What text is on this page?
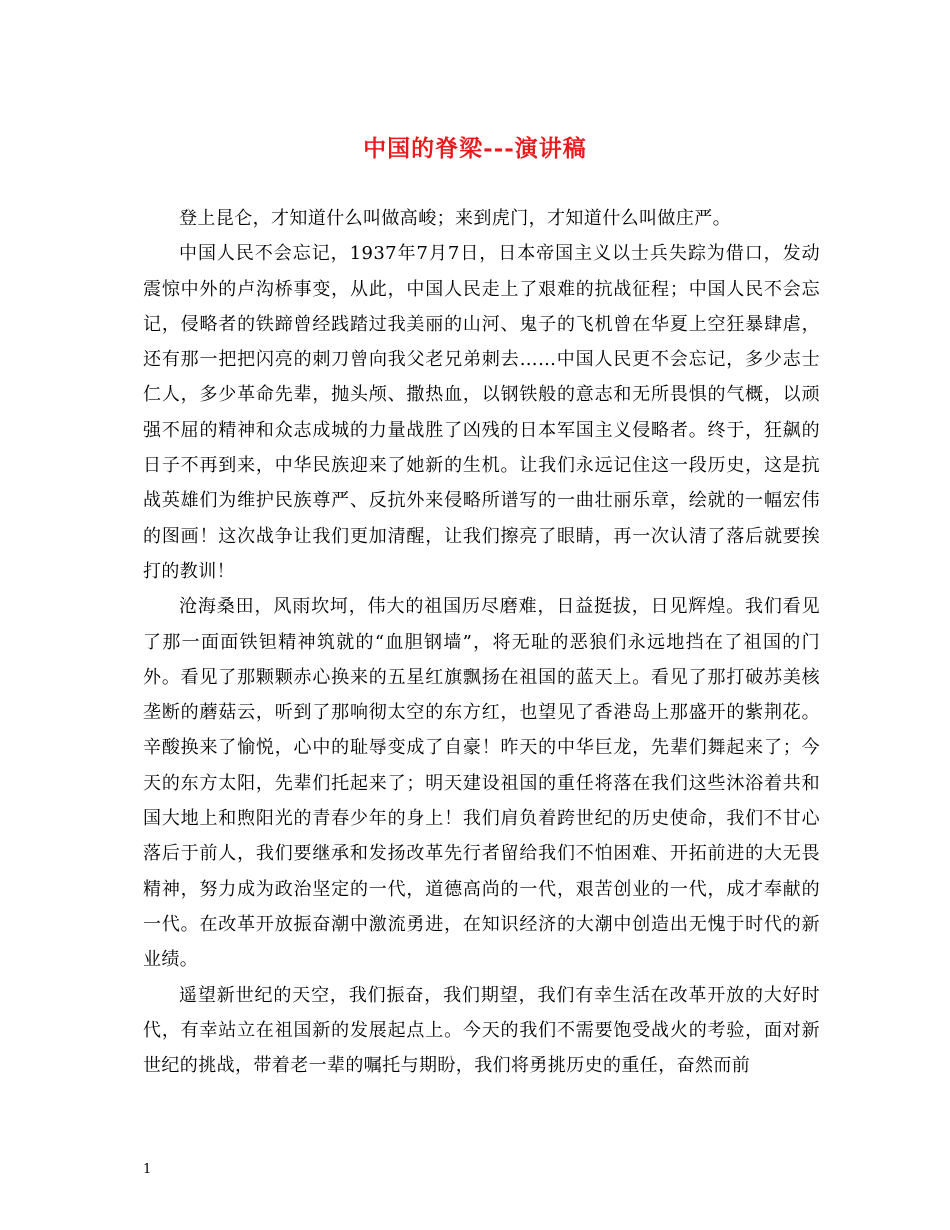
中国的脊梁---演讲稿

登上昆仑，才知道什么叫做高峻；来到虎门，才知道什么叫做庄严。

中国人民不会忘记，1937年7月7日，日本帝国主义以士兵失踪为借口，发动震惊中外的卢沟桥事变，从此，中国人民走上了艰难的抗战征程；中国人民不会忘记，侵略者的铁蹄曾经践踏过我美丽的山河、鬼子的飞机曾在华夏上空狂暴肆虐，还有那一把把闪亮的刺刀曾向我父老兄弟刺去……中国人民更不会忘记，多少志士仁人，多少革命先辈，抛头颅、撒热血，以钢铁般的意志和无所畏惧的气概，以顽强不屈的精神和众志成城的力量战胜了凶残的日本军国主义侵略者。终于，狂飙的日子不再到来，中华民族迎来了她新的生机。让我们永远记住这一段历史，这是抗战英雄们为维护民族尊严、反抗外来侵略所谱写的一曲壮丽乐章，绘就的一幅宏伟的图画！这次战争让我们更加清醒，让我们擦亮了眼睛，再一次认清了落后就要挨打的教训！

沧海桑田，风雨坎坷，伟大的祖国历尽磨难，日益挺拔，日见辉煌。我们看见了那一面面铁钽精神筑就的“血胆钢墙”，将无耻的恶狼们永远地挡在了祖国的门外。看见了那颗颗赤心换来的五星红旗飘扬在祖国的蓝天上。看见了那打破苏美核垄断的蘑菇云，听到了那响彻太空的东方红，也望见了香港岛上那盛开的紫荆花。辛酸换来了愉悦，心中的耻辱变成了自豪！昨天的中华巨龙，先辈们舞起来了；今天的东方太阳，先辈们托起来了；明天建设祖国的重任将落在我们这些沐浴着共和国大地上和煦阳光的青春少年的身上！我们肩负着跨世纪的历史使命，我们不甘心落后于前人，我们要继承和发扬改革先行者留给我们不怕困难、开拓前进的大无畏精神，努力成为政治坚定的一代，道德高尚的一代，艰苦创业的一代，成才奉献的一代。在改革开放振奋潮中激流勇进，在知识经济的大潮中创造出无愧于时代的新业绩。

遥望新世纪的天空，我们振奋，我们期望，我们有幸生活在改革开放的大好时代，有幸站立在祖国新的发展起点上。今天的我们不需要饱受战火的考验，面对新世纪的挑战，带着老一辈的嘱托与期盼，我们将勇挑历史的重任，奋然而前

1
